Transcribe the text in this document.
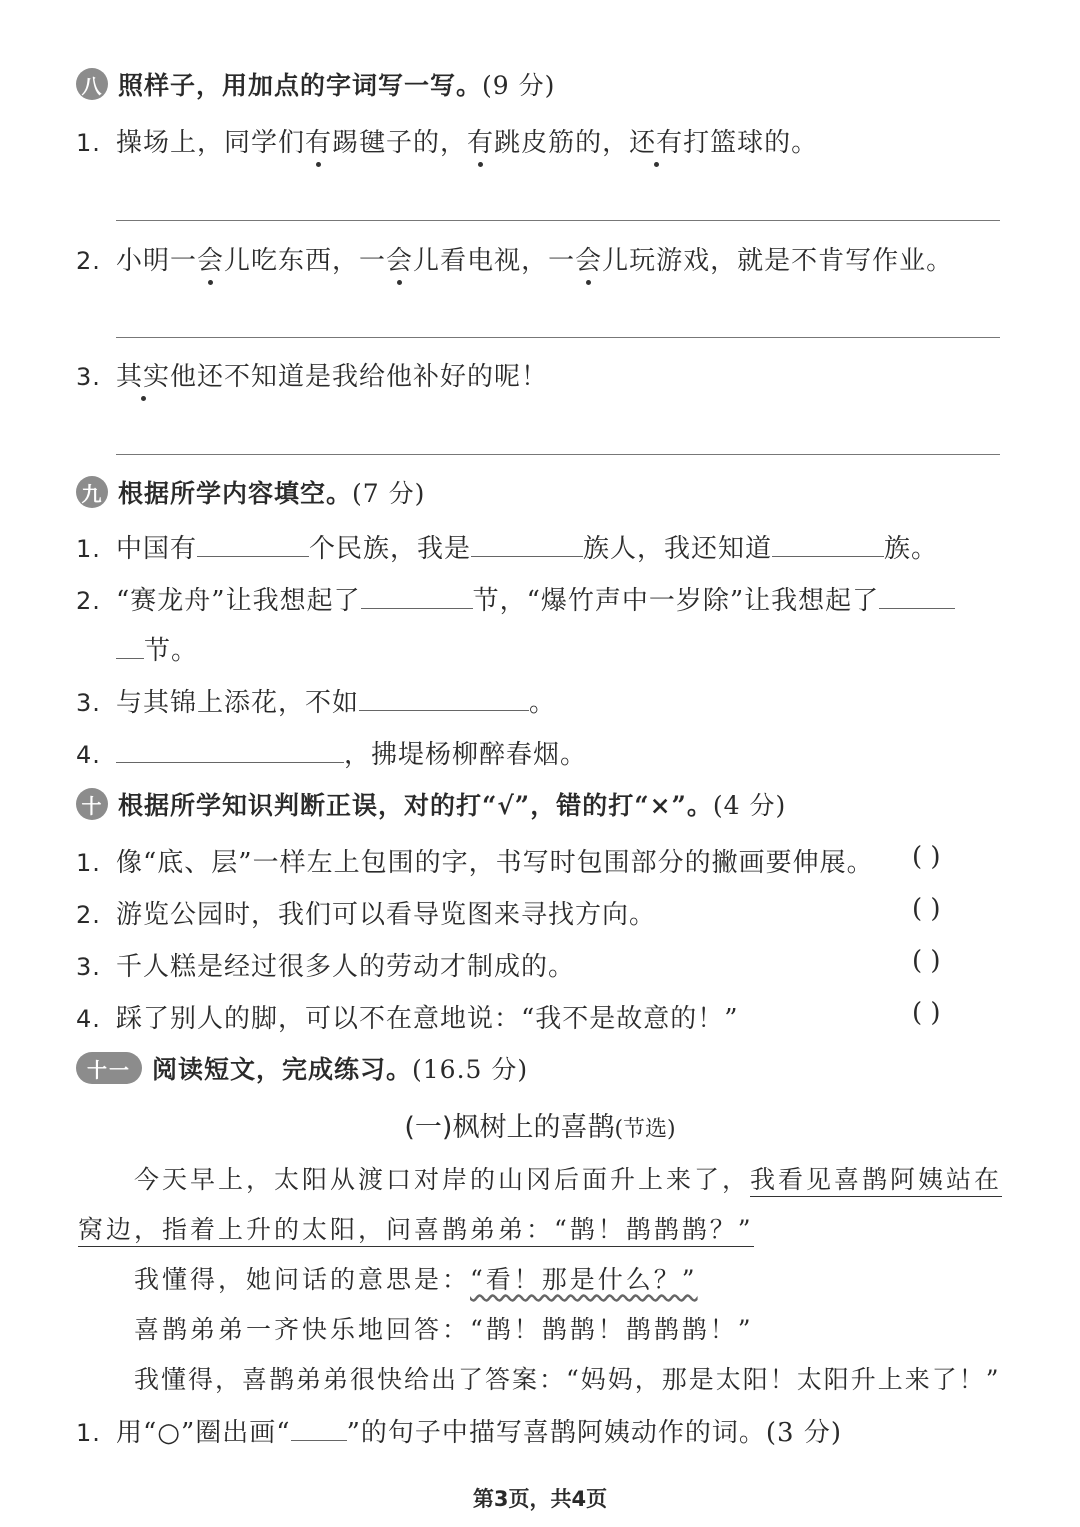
八 照样子，用加点的字词写一写。 (9 分)
1. 操场上，同学们有踢毽子的，有跳皮筋的，还有打篮球的。
2. 小明一会儿吃东西，一会儿看电视，一会儿玩游戏，就是不肯写作业。
3. 其实他还不知道是我给他补好的呢！
九 根据所学内容填空。 (7 分)
1. 中国有	个民族，我是	族人，我还知道	族。
2. “赛龙舟”让我想起了	节，“爆竹声中一岁除”让我想起了
节。
3. 与其锦上添花，不如	。
4.	，拂堤杨柳醉春烟。
十 根据所学知识判断正误，对的打“√”，错的打“×”。 (4 分)
1. 像“底、层”一样左上包围的字，书写时包围部分的撇画要伸展。 ( )
2. 游览公园时，我们可以看导览图来寻找方向。	( )
3. 千人糕是经过很多人的劳动才制成的。	( )
4. 踩了别人的脚，可以不在意地说：“我不是故意的！”	( )
十一 阅读短文，完成练习。 (16.5 分)
(一)枫树上的喜鹊(节选)
今天早上，太阳从渡口对岸的山冈后面升上来了，我看见喜鹊阿姨站在
窝边，指着上升的太阳，问喜鹊弟弟：“鹊！鹊鹊鹊？”
我懂得，她问话的意思是：“看！那是什么？”
喜鹊弟弟一齐快乐地回答：“鹊！鹊鹊！鹊鹊鹊！”
我懂得，喜鹊弟弟很快给出了答案：“妈妈，那是太阳！太阳升上来了！”
1. 用“○”圈出画“ ”的句子中描写喜鹊阿姨动作的词。(3 分)
第3页，共4页
